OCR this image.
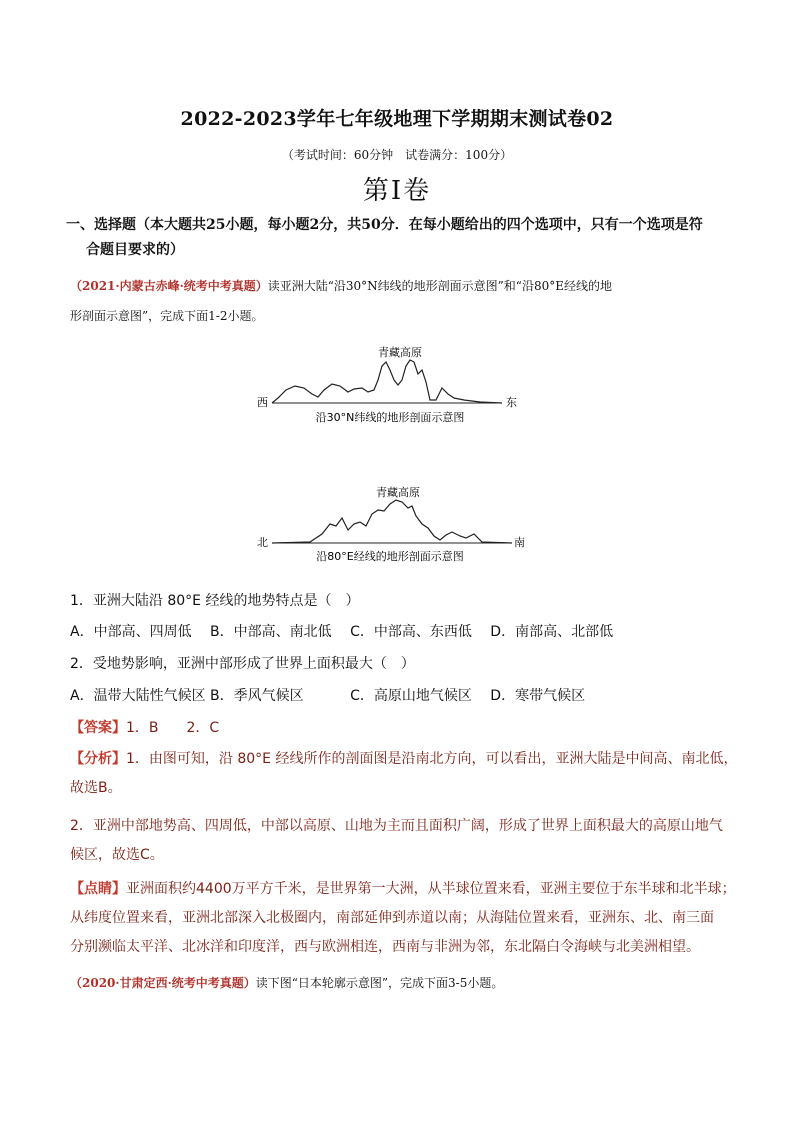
2022-2023学年七年级地理下学期期末测试卷02
（考试时间：60分钟　试卷满分：100分）
第Ⅰ卷
一、选择题（本大题共25小题，每小题2分，共50分．在每小题给出的四个选项中，只有一个选项是符
合题目要求的）
（2021·内蒙古赤峰·统考中考真题）读亚洲大陆“沿30°N纬线的地形剖面示意图”和“沿80°E经线的地
形剖面示意图”，完成下面1-2小题。
青藏高原
西	东
沿30°N纬线的地形剖面示意图
青藏高原
北	南
沿80°E经线的地形剖面示意图
1．亚洲大陆沿 80°E 经线的地势特点是（　）
A．中部高、四周低　 B．中部高、南北低　 C．中部高、东西低　 D．南部高、北部低
2．受地势影响，亚洲中部形成了世界上面积最大（　）
A．温带大陆性气候区 B．季风气候区　　　 C．高原山地气候区　 D．寒带气候区
【答案】1．B　　2．C
【分析】1．由图可知，沿 80°E 经线所作的剖面图是沿南北方向，可以看出，亚洲大陆是中间高、南北低，
故选B。
2．亚洲中部地势高、四周低，中部以高原、山地为主而且面积广阔，形成了世界上面积最大的高原山地气
候区，故选C。
【点睛】亚洲面积约4400万平方千米，是世界第一大洲，从半球位置来看，亚洲主要位于东半球和北半球；
从纬度位置来看，亚洲北部深入北极圈内，南部延伸到赤道以南；从海陆位置来看，亚洲东、北、南三面
分别濒临太平洋、北冰洋和印度洋，西与欧洲相连，西南与非洲为邻，东北隔白令海峡与北美洲相望。
（2020·甘肃定西·统考中考真题）读下图“日本轮廓示意图”，完成下面3-5小题。
